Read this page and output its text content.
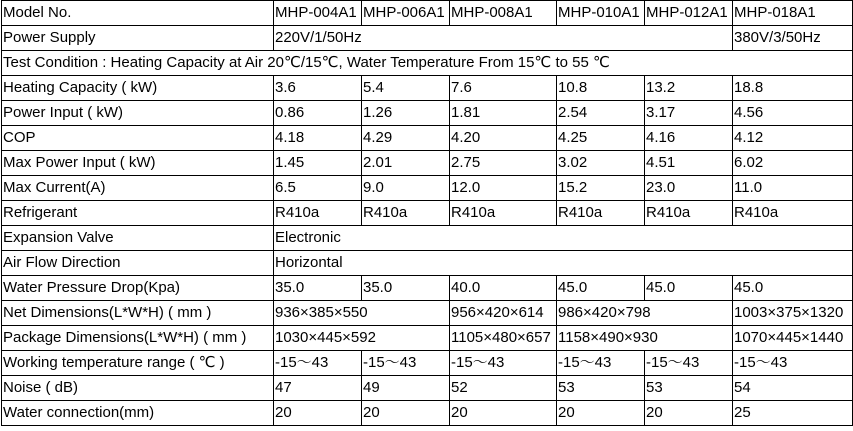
Model No.	MHP-004A1	MHP-006A1	MHP-008A1	MHP-010A1	MHP-012A1	MHP-018A1
Power Supply	220V/1/50Hz					380V/3/50Hz
Test Condition : Heating Capacity at Air 20℃/15℃, Water Temperature From 15℃ to 55 ℃						
Heating Capacity ( kW)	3.6	5.4	7.6	10.8	13.2	18.8
Power Input ( kW)	0.86	1.26	1.81	2.54	3.17	4.56
COP	4.18	4.29	4.20	4.25	4.16	4.12
Max Power Input ( kW)	1.45	2.01	2.75	3.02	4.51	6.02
Max Current(A)	6.5	9.0	12.0	15.2	23.0	11.0
Refrigerant	R410a	R410a	R410a	R410a	R410a	R410a
Expansion Valve	Electronic					
Air Flow Direction	Horizontal					
Water Pressure Drop(Kpa)	35.0	35.0	40.0	45.0	45.0	45.0
Net Dimensions(L*W*H) ( mm )	936×385×550		956×420×614	986×420×798		1003×375×1320
Package Dimensions(L*W*H) ( mm )	1030×445×592		1105×480×657	1158×490×930		1070×445×1440
Working temperature range ( ℃ )	-15～43	-15～43	-15～43	-15～43	-15～43	-15～43
Noise ( dB)	47	49	52	53	53	54
Water connection(mm)	20	20	20	20	20	25
